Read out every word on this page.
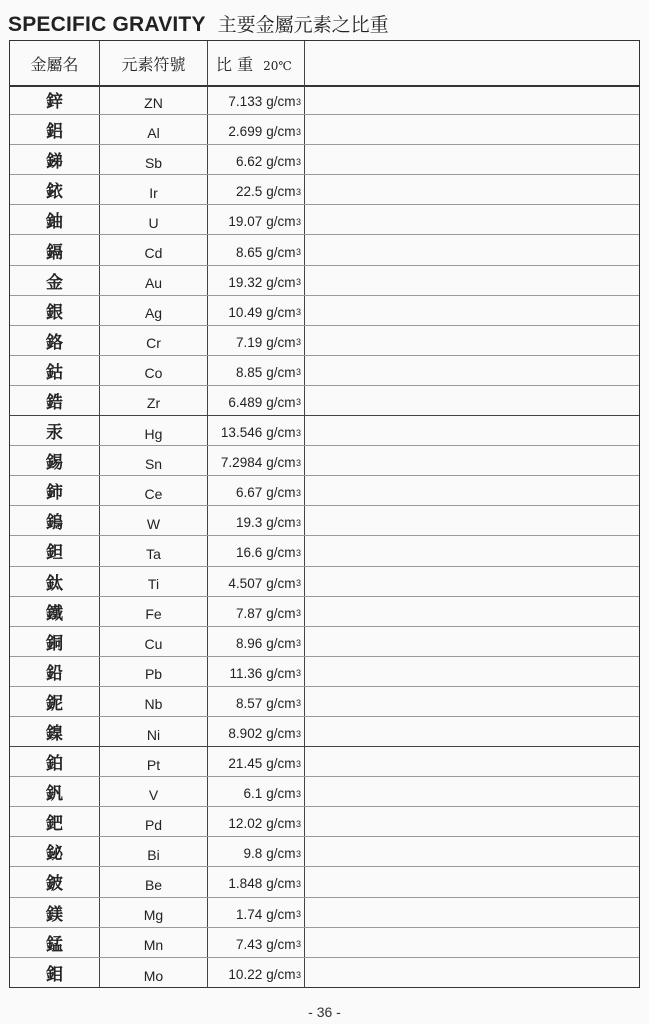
SPECIFIC GRAVITY 主要金屬元素之比重
金屬名	元素符號	比 重 20℃
鋅	ZN	7.133 g/cm 3
鋁	Al	2.699 g/cm 3
銻	Sb	6.62 g/cm 3
銥	Ir	22.5 g/cm 3
鈾	U	19.07 g/cm 3
鎘	Cd	8.65 g/cm 3
金	Au	19.32 g/cm 3
銀	Ag	10.49 g/cm 3
鉻	Cr	7.19 g/cm 3
鈷	Co	8.85 g/cm 3
鋯	Zr	6.489 g/cm 3
汞	Hg	13.546 g/cm 3
錫	Sn	7.2984 g/cm 3
鈰	Ce	6.67 g/cm 3
鎢	W	19.3 g/cm 3
鉭	Ta	16.6 g/cm 3
鈦	Ti	4.507 g/cm 3
鐵	Fe	7.87 g/cm 3
銅	Cu	8.96 g/cm 3
鉛	Pb	11.36 g/cm 3
鈮	Nb	8.57 g/cm 3
鎳	Ni	8.902 g/cm 3
鉑	Pt	21.45 g/cm 3
釩	V	6.1 g/cm 3
鈀	Pd	12.02 g/cm 3
鉍	Bi	9.8 g/cm 3
鈹	Be	1.848 g/cm 3
鎂	Mg	1.74 g/cm 3
錳	Mn	7.43 g/cm 3
鉬	Mo	10.22 g/cm 3
- 36 -
